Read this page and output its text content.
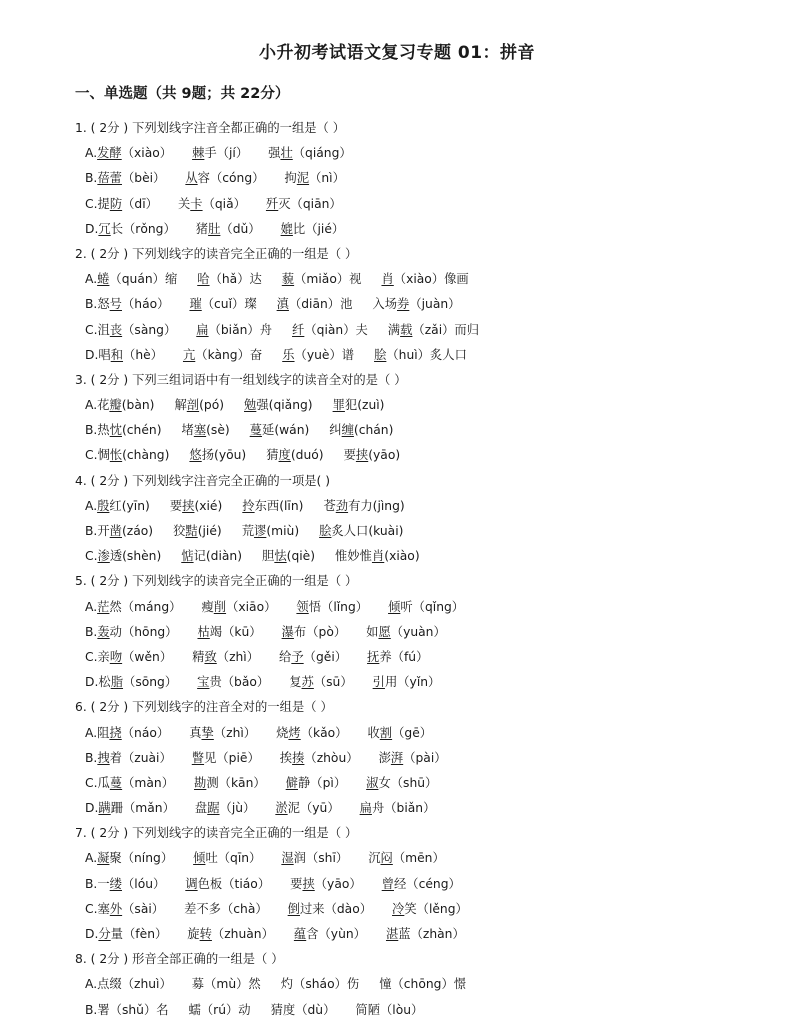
小升初考试语文复习专题 01：拼音
一、单选题（共 9题；共 22分）
1. ( 2分 ) 下列划线字注音全都正确的一组是（ ）
A.发酵（xiào） 棘手（jí） 强壮（qiáng）
B.蓓蕾（bèi） 从容（cóng） 拘泥（nì）
C.提防（dī） 关卡（qiǎ） 歼灭（qiān）
D.冗长（rǒng） 猪肚（dǔ） 媲比（jié）
2. ( 2分 ) 下列划线字的读音完全正确的一组是（ ）
A.蜷（quán）缩 哈（hǎ）达 藐（miǎo）视 肖（xiào）像画
B.怒号（háo） 璀（cuǐ）璨 滇（diān）池 入场券（juàn）
C.沮丧（sàng） 扁（biǎn）舟 纤（qiàn）夫 满载（zǎi）而归
D.唱和（hè） 亢（kàng）奋 乐（yuè）谱 脍（huì）炙人口
3. ( 2分 ) 下列三组词语中有一组划线字的读音全对的是（ ）
A.花瓣(bàn) 解剖(pó) 勉强(qiǎng) 罪犯(zuì)
B.热忱(chén) 堵塞(sè) 蔓延(wán) 纠缠(chán)
C.惆怅(chàng) 悠扬(yōu) 猜度(duó) 要挟(yāo)
4. ( 2分 ) 下列划线字注音完全正确的一项是( )
A.殷红(yīn) 要挟(xié) 拎东西(līn) 苍劲有力(jìng)
B.开凿(záo) 狡黠(jié) 荒谬(miù) 脍炙人口(kuài)
C.渗透(shèn) 惦记(diàn) 胆怯(qiè) 惟妙惟肖(xiào)
5. ( 2分 ) 下列划线字的读音完全正确的一组是（ ）
A.茫然（máng） 瘦削（xiāo） 领悟（lǐng） 倾听（qǐng）
B.轰动（hōng） 枯竭（kū） 瀑布（pò） 如愿（yuàn）
C.亲吻（wěn） 精致（zhì） 给予（gěi） 抚养（fú）
D.松脂（sōng） 宝贵（bǎo） 复苏（sū） 引用（yǐn）
6. ( 2分 ) 下列划线字的注音全对的一组是（ ）
A.阻挠（náo） 真挚（zhì） 烧烤（kǎo） 收割（gē）
B.拽着（zuài） 瞥见（piē） 挨揍（zhòu） 澎湃（pài）
C.瓜蔓（màn） 勘测（kān） 僻静（pì） 淑女（shū）
D.蹒跚（mǎn） 盘踞（jù） 淤泥（yū） 扁舟（biǎn）
7. ( 2分 ) 下列划线字的读音完全正确的一组是（ ）
A.凝聚（níng） 倾吐（qīn） 湿润（shī） 沉闷（mēn）
B.一缕（lóu） 调色板（tiáo） 要挟（yāo） 曾经（céng）
C.塞外（sài） 差不多（chà） 倒过来（dào） 冷笑（lěng）
D.分量（fèn） 旋转（zhuàn） 蕴含（yùn） 湛蓝（zhàn）
8. ( 2分 ) 形音全部正确的一组是（ ）
A.点缀（zhuì） 募（mù）然 灼（sháo）伤 憧（chōng）憬
B.署（shǔ）名 蠕（rú）动 猜度（dù） 简陋（lòu）
